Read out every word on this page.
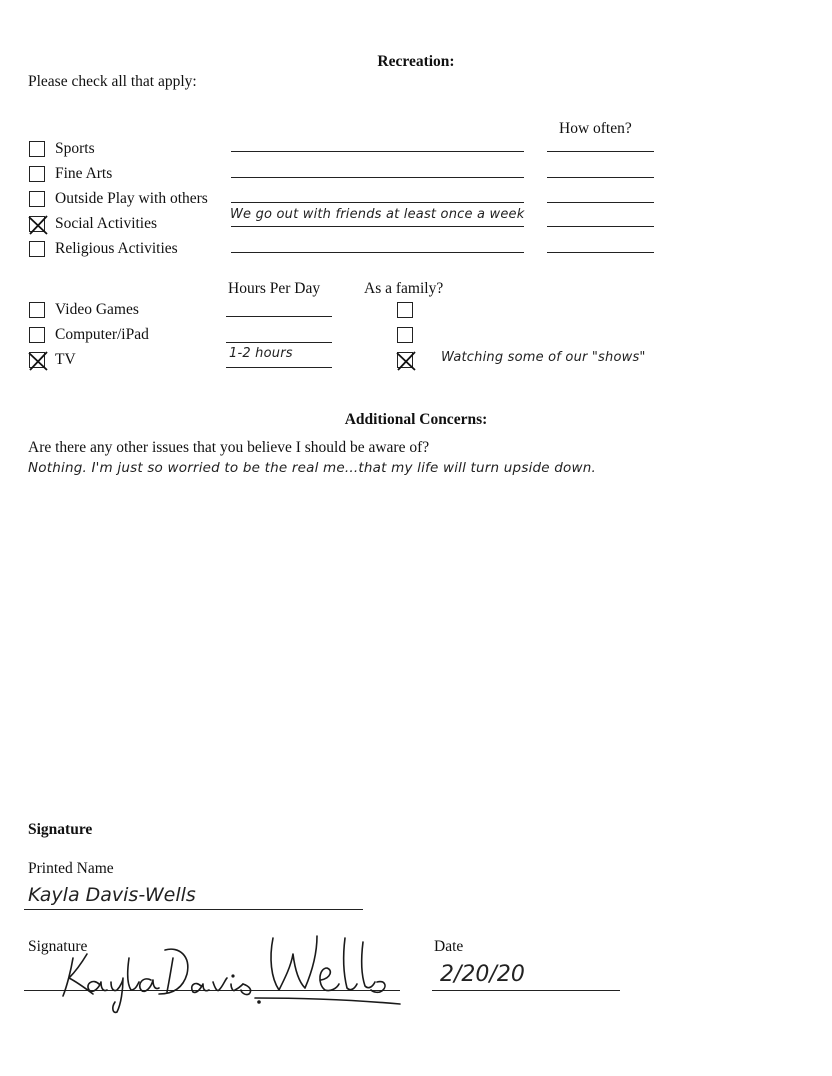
Recreation:
Please check all that apply:
How often?
Sports
Fine Arts
Outside Play with others
Social Activities
We go out with friends at least once a week
Religious Activities
Hours Per Day	As a family?
Video Games
Computer/iPad
TV	1-2 hours	Watching some of our "shows"
Additional Concerns:
Are there any other issues that you believe I should be aware of?
Nothing. I'm just so worried to be the real me...that my life will turn upside down.
Signature
Printed Name
Kayla Davis-Wells
Signature	Date
2/20/20
